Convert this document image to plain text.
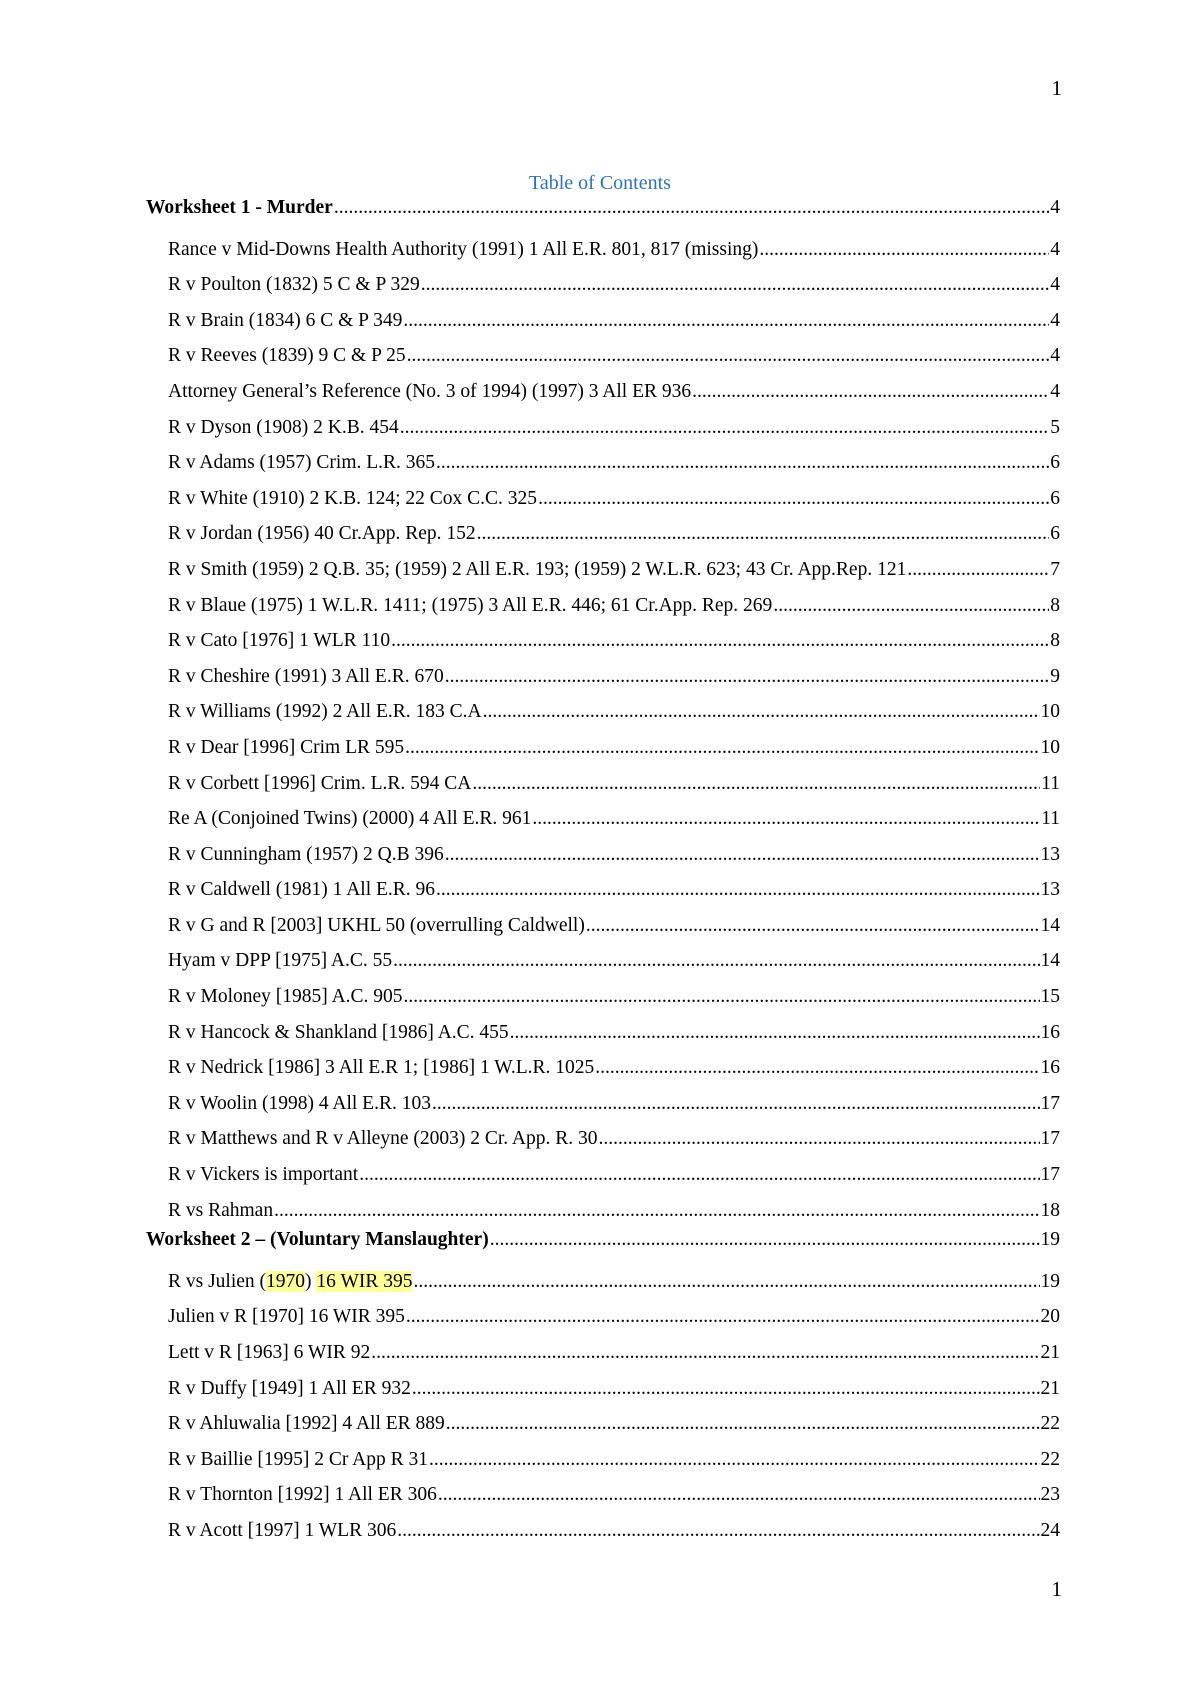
1
Table of Contents
Worksheet 1 - Murder .....	4
Rance v Mid-Downs Health Authority (1991) 1 All E.R. 801, 817 (missing) .....	4
R v Poulton (1832) 5 C & P 329 .....	4
R v Brain (1834) 6 C & P 349 .....	4
R v Reeves (1839) 9 C & P 25 .....	4
Attorney General’s Reference (No. 3 of 1994) (1997) 3 All ER 936 .....	4
R v Dyson (1908) 2 K.B. 454 .....	5
R v Adams (1957) Crim. L.R. 365 .....	6
R v White (1910) 2 K.B. 124; 22 Cox C.C. 325 .....	6
R v Jordan (1956) 40 Cr.App. Rep. 152 .....	6
R v Smith (1959) 2 Q.B. 35; (1959) 2 All E.R. 193; (1959) 2 W.L.R. 623; 43 Cr. App.Rep. 121 .....	7
R v Blaue (1975) 1 W.L.R. 1411; (1975) 3 All E.R. 446; 61 Cr.App. Rep. 269 .....	8
R v Cato [1976] 1 WLR 110 .....	8
R v Cheshire (1991) 3 All E.R. 670 .....	9
R v Williams (1992) 2 All E.R. 183 C.A .....	10
R v Dear [1996] Crim LR 595 .....	10
R v Corbett [1996] Crim. L.R. 594 CA .....	11
Re A (Conjoined Twins) (2000) 4 All E.R. 961 .....	11
R v Cunningham (1957) 2 Q.B 396 .....	13
R v Caldwell (1981) 1 All E.R. 96 .....	13
R v G and R [2003] UKHL 50 (overrulling Caldwell) .....	14
Hyam v DPP [1975] A.C. 55 .....	14
R v Moloney [1985] A.C. 905 .....	15
R v Hancock & Shankland [1986] A.C. 455 .....	16
R v Nedrick [1986] 3 All E.R 1; [1986] 1 W.L.R. 1025 .....	16
R v Woolin (1998) 4 All E.R. 103 .....	17
R v Matthews and R v Alleyne (2003) 2 Cr. App. R. 30 .....	17
R v Vickers is important .....	17
R vs Rahman .....	18
Worksheet 2 – (Voluntary Manslaughter) .....	19
R vs Julien (1970) 16 WIR 395 .....	19
Julien v R [1970] 16 WIR 395 .....	20
Lett v R [1963] 6 WIR 92 .....	21
R v Duffy [1949] 1 All ER 932 .....	21
R v Ahluwalia [1992] 4 All ER 889 .....	22
R v Baillie [1995] 2 Cr App R 31 .....	22
R v Thornton [1992] 1 All ER 306 .....	23
R v Acott [1997] 1 WLR 306 .....	24
1
